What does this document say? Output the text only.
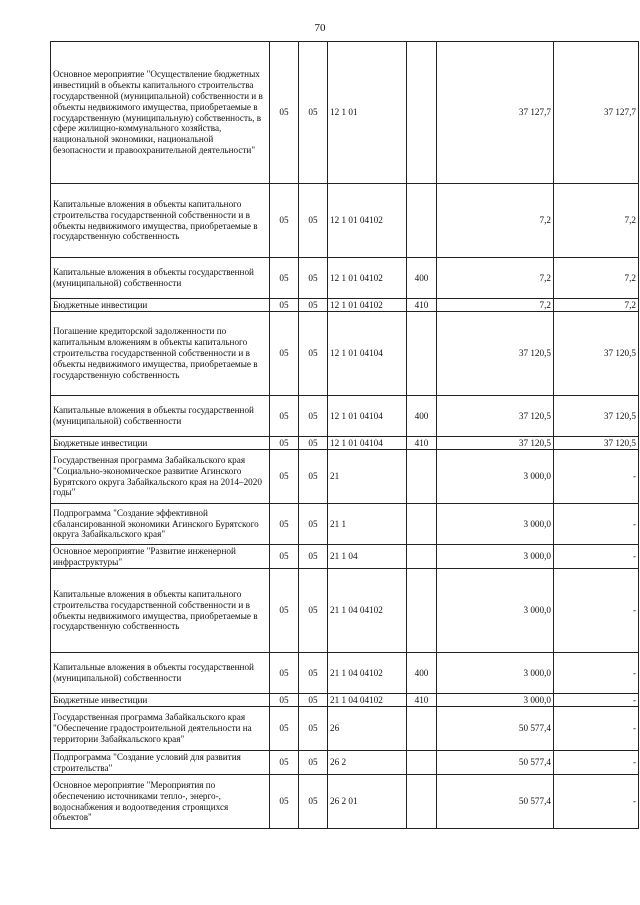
70
Основное мероприятие "Осуществление бюджетных инвестиций в объекты капитального строительства государственной (муниципальной) собственности и в объекты недвижимого имущества, приобретаемые в государственную (муниципальную) собственность, в сфере жилищно-коммунального хозяйства, национальной экономики, национальной безопасности и правоохранительной деятельности"	05	05	12 1 01		37 127,7	37 127,7
Капитальные вложения в объекты капитального строительства государственной собственности и в объекты недвижимого имущества, приобретаемые в государственную собственность	05	05	12 1 01 04102		7,2	7,2
Капитальные вложения в объекты государственной (муниципальной) собственности	05	05	12 1 01 04102	400	7,2	7,2
Бюджетные инвестиции	05	05	12 1 01 04102	410	7,2	7,2
Погашение кредиторской задолженности по капитальным вложениям в объекты капитального строительства государственной собственности и в объекты недвижимого имущества, приобретаемые в государственную собственность	05	05	12 1 01 04104		37 120,5	37 120,5
Капитальные вложения в объекты государственной (муниципальной) собственности	05	05	12 1 01 04104	400	37 120,5	37 120,5
Бюджетные инвестиции	05	05	12 1 01 04104	410	37 120,5	37 120,5
Государственная программа Забайкальского края "Социально-экономическое развитие Агинского Бурятского округа Забайкальского края на 2014–2020 годы"	05	05	21		3 000,0	-
Подпрограмма "Создание эффективной сбалансированной экономики Агинского Бурятского округа Забайкальского края"	05	05	21 1		3 000,0	-
Основное мероприятие "Развитие инженерной инфраструктуры"	05	05	21 1 04		3 000,0	-
Капитальные вложения в объекты капитального строительства государственной собственности и в объекты недвижимого имущества, приобретаемые в государственную собственность	05	05	21 1 04 04102		3 000,0	-
Капитальные вложения в объекты государственной (муниципальной) собственности	05	05	21 1 04 04102	400	3 000,0	-
Бюджетные инвестиции	05	05	21 1 04 04102	410	3 000,0	-
Государственная программа Забайкальского края "Обеспечение градостроительной деятельности на территории Забайкальского края"	05	05	26		50 577,4	-
Подпрограмма "Создание условий для развития строительства"	05	05	26 2		50 577,4	-
Основное мероприятие "Мероприятия по обеспечению источниками тепло-, энерго-, водоснабжения и водоотведения строящихся объектов"	05	05	26 2 01		50 577,4	-
